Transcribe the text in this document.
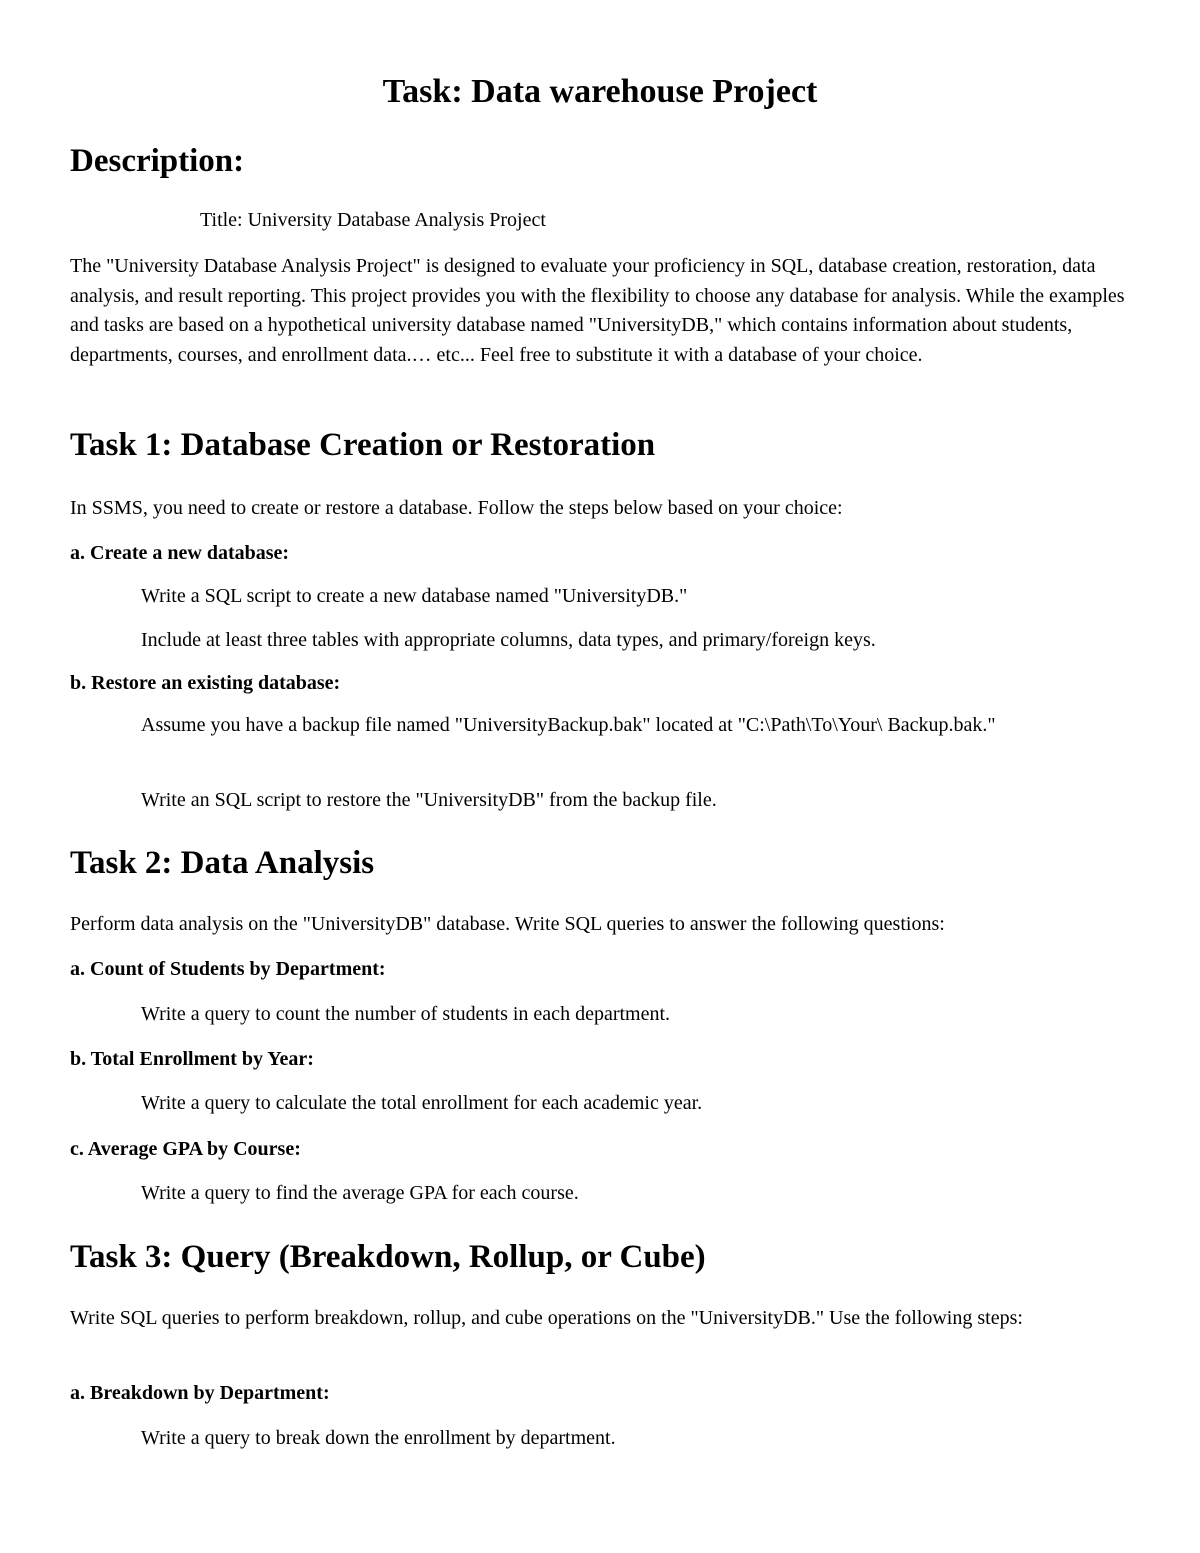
Task: Data warehouse Project
Description:

Title: University Database Analysis Project

The "University Database Analysis Project" is designed to evaluate your proficiency in SQL, database creation, restoration, data analysis, and result reporting. This project provides you with the flexibility to choose any database for analysis. While the examples and tasks are based on a hypothetical university database named "UniversityDB," which contains information about students, departments, courses, and enrollment data.… etc... Feel free to substitute it with a database of your choice.

Task 1: Database Creation or Restoration

In SSMS, you need to create or restore a database. Follow the steps below based on your choice:

a. Create a new database:

Write a SQL script to create a new database named "UniversityDB."

Include at least three tables with appropriate columns, data types, and primary/foreign keys.

b. Restore an existing database:

Assume you have a backup file named "UniversityBackup.bak" located at "C:\Path\To\Your\ Backup.bak."

Write an SQL script to restore the "UniversityDB" from the backup file.

Task 2: Data Analysis

Perform data analysis on the "UniversityDB" database. Write SQL queries to answer the following questions:

a. Count of Students by Department:

Write a query to count the number of students in each department.

b. Total Enrollment by Year:

Write a query to calculate the total enrollment for each academic year.

c. Average GPA by Course:

Write a query to find the average GPA for each course.

Task 3: Query (Breakdown, Rollup, or Cube)

Write SQL queries to perform breakdown, rollup, and cube operations on the "UniversityDB." Use the following steps:

a. Breakdown by Department:

Write a query to break down the enrollment by department.
